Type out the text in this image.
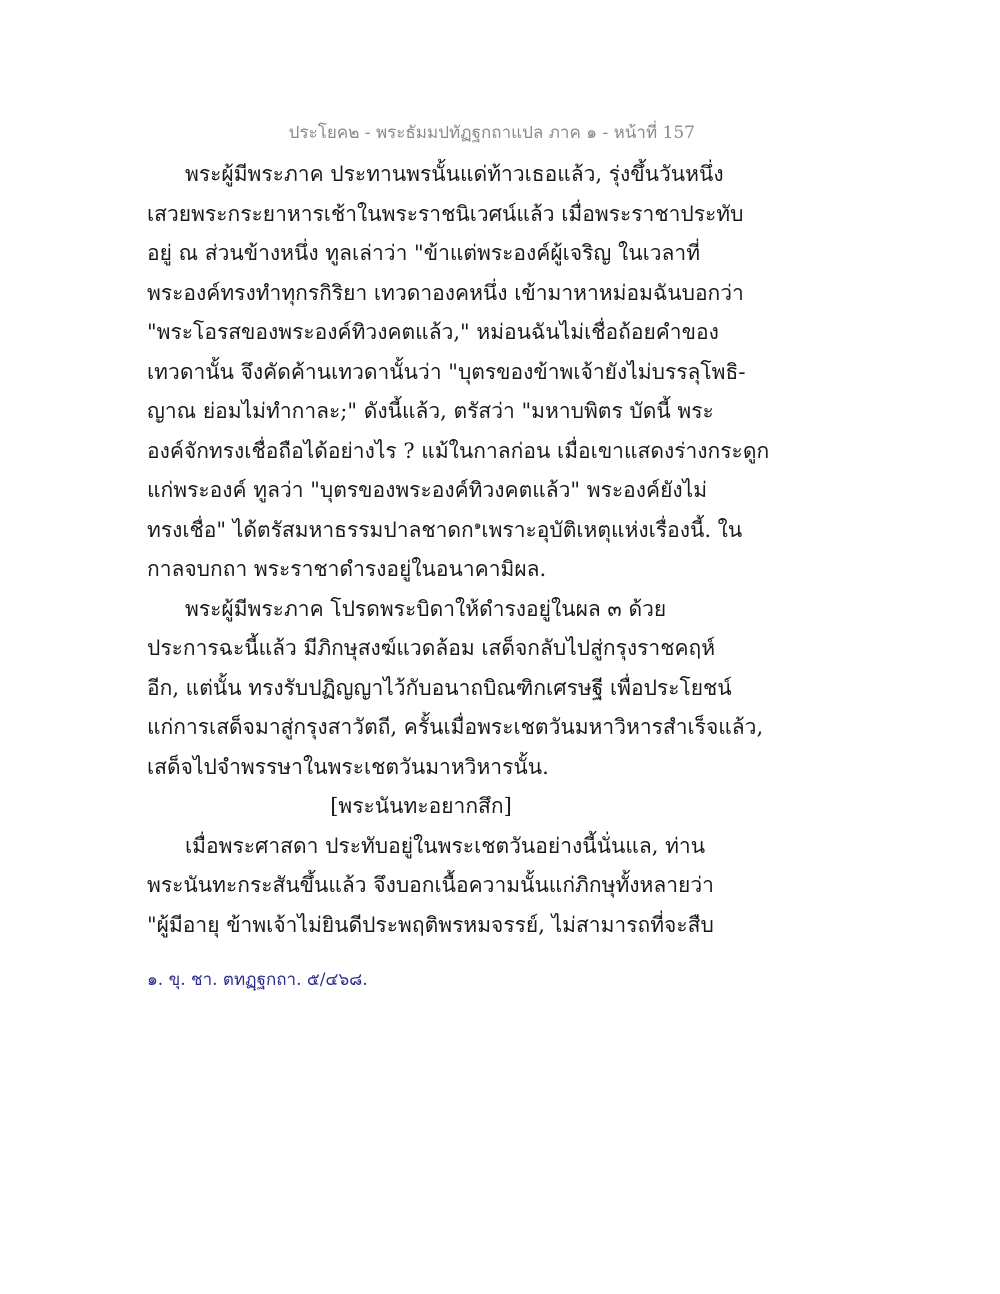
ประโยค๒ - พระธัมมปทัฏฐกถาแปล ภาค ๑ - หน้าที่ 157
พระผู้มีพระภาค ประทานพรนั้นแด่ท้าวเธอแล้ว, รุ่งขึ้นวันหนึ่ง
เสวยพระกระยาหารเช้าในพระราชนิเวศน์แล้ว เมื่อพระราชาประทับ
อยู่ ณ ส่วนข้างหนึ่ง ทูลเล่าว่า "ข้าแต่พระองค์ผู้เจริญ ในเวลาที่
พระองค์ทรงทำทุกรกิริยา เทวดาองคหนึ่ง เข้ามาหาหม่อมฉันบอกว่า
"พระโอรสของพระองค์ทิวงคตแล้ว," หม่อนฉันไม่เชื่อถ้อยคำของ
เทวดานั้น จึงคัดค้านเทวดานั้นว่า "บุตรของข้าพเจ้ายังไม่บรรลุโพธิ-
ญาณ ย่อมไม่ทำกาละ;" ดังนี้แล้ว, ตรัสว่า "มหาบพิตร บัดนี้ พระ
องค์จักทรงเชื่อถือได้อย่างไร ? แม้ในกาลก่อน เมื่อเขาแสดงร่างกระดูก
แก่พระองค์ ทูลว่า "บุตรของพระองค์ทิวงคตแล้ว" พระองค์ยังไม่
ทรงเชื่อ" ได้ตรัสมหาธรรมปาลชาดก$^๑$เพราะอุบัติเหตุแห่งเรื่องนี้. ใน
กาลจบกถา พระราชาดำรงอยู่ในอนาคามิผล.
พระผู้มีพระภาค โปรดพระบิดาให้ดำรงอยู่ในผล ๓ ด้วย
ประการฉะนี้แล้ว มีภิกษุสงฆ์แวดล้อม เสด็จกลับไปสู่กรุงราชคฤห์
อีก, แต่นั้น ทรงรับปฏิญญาไว้กับอนาถบิณฑิกเศรษฐี เพื่อประโยชน์
แก่การเสด็จมาสู่กรุงสาวัตถี, ครั้นเมื่อพระเชตวันมหาวิหารสำเร็จแล้ว,
เสด็จไปจำพรรษาในพระเชตวันมาหวิหารนั้น.
[พระนันทะอยากสึก]
เมื่อพระศาสดา ประทับอยู่ในพระเชตวันอย่างนี้นั่นแล, ท่าน
พระนันทะกระสันขึ้นแล้ว จึงบอกเนื้อความนั้นแก่ภิกษุทั้งหลายว่า
"ผู้มีอายุ ข้าพเจ้าไม่ยินดีประพฤติพรหมจรรย์, ไม่สามารถที่จะสืบ
๑. ขุ. ชา. ตทฏฺฐกถา. ๕/๔๖๘.
